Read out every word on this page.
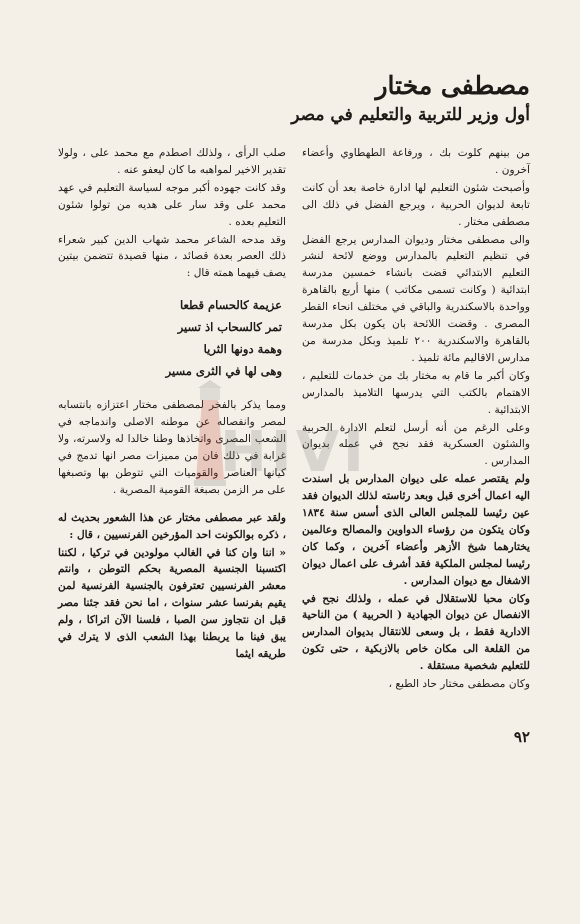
مصطفى مختار
أول وزير للتربية والتعليم في مصر

من بينهم كلوت بك ، ورفاعة الطهطاوي وأعضاء آخرون .

وأصبحت شئون التعليم لها ادارة خاصة بعد أن كانت تابعة لديوان الحربية ، ويرجع الفضل في ذلك الى مصطفى مختار .

والى مصطفى مختار وديوان المدارس يرجع الفضل في تنظيم التعليم بالمدارس ووضع لائحة لنشر التعليم الابتدائي قضت بانشاء خمسين مدرسة ابتدائية ( وكانت تسمى مكاتب ) منها أربع بالقاهرة وواحدة بالاسكندرية والباقي في مختلف انحاء القطر المصرى . وقضت اللائحة بان يكون بكل مدرسة بالقاهرة والاسكندرية ٢٠٠ تلميذ وبكل مدرسة من مدارس الاقاليم مائة تلميذ .

وكان أكبر ما قام به مختار بك من خدمات للتعليم ، الاهتمام بالكتب التي يدرسها التلاميذ بالمدارس الابتدائية .

وعلى الرغم من أنه أرسل لتعلم الادارة الحربية والشئون العسكرية فقد نجح في عمله بديوان المدارس .

ولم يقتصر عمله على ديوان المدارس بل اسندت اليه اعمال أخرى قبل وبعد رئاسته لذلك الديوان فقد عين رئيسا للمجلس العالى الذى أسس سنة ١٨٣٤ وكان يتكون من رؤساء الدواوين والمصالح وعالمين يختارهما شيخ الأزهر وأعضاء آخرين ، وكما كان رئيسا لمجلس الملكية فقد أشرف على اعمال ديوان الاشغال مع ديوان المدارس .

وكان محبا للاستقلال في عمله ، ولذلك نجح في الانفصال عن ديوان الجهادية ( الحربية ) من الناحية الادارية فقط ، بل وسعى للانتقال بديوان المدارس من القلعة الى مكان خاص بالازبكية ، حتى تكون للتعليم شخصية مستقلة .

وكان مصطفى مختار حاد الطبع ،

صلب الرأى ، ولذلك اصطدم مع محمد على ، ولولا تقدير الاخير لمواهبه ما كان ليعفو عنه .

وقد كانت جهوده أكبر موجه لسياسة التعليم في عهد محمد على وقد سار على هديه من تولوا شئون التعليم بعده .

وقد مدحه الشاعر محمد شهاب الدين كبير شعراء ذلك العصر بعدة قصائد ، منها قصيدة تتضمن بيتين يصف فيهما همته قال :

عزيمة كالحسام قطعا

تمر كالسحاب اذ تسير

وهمة دونها الثريا

وهى لها في الثرى مسير

ومما يذكر بالفخر لمصطفى مختار اعتزازه بانتسابه لمصر وانفصاله عن موطنه الاصلى واندماجه في الشعب المصرى واتخاذها وطنا خالدا له ولاسرته، ولا غرابة في ذلك فان من مميزات مصر انها تدمج في كيانها العناصر والقوميات التي تتوطن بها وتصبغها على مر الزمن بصبغة القومية المصرية .

ولقد عبر مصطفى مختار عن هذا الشعور بحديث له ، ذكره بوالكونت احد المؤرخين الفرنسيين ، قال :

« اننا وان كنا في الغالب مولودين في تركيا ، لكننا اكتسبنا الجنسية المصرية بحكم التوطن ، وانتم معشر الفرنسيين تعترفون بالجنسية الفرنسية لمن يقيم بفرنسا عشر سنوات ، اما نحن فقد جئنا مصر قبل ان نتجاوز سن الصبا ، فلسنا الآن اتراكا ، ولم يبق فينا ما يربطنا بهذا الشعب الذى لا يترك في طريقه ايثما

٩٢
HIVI
